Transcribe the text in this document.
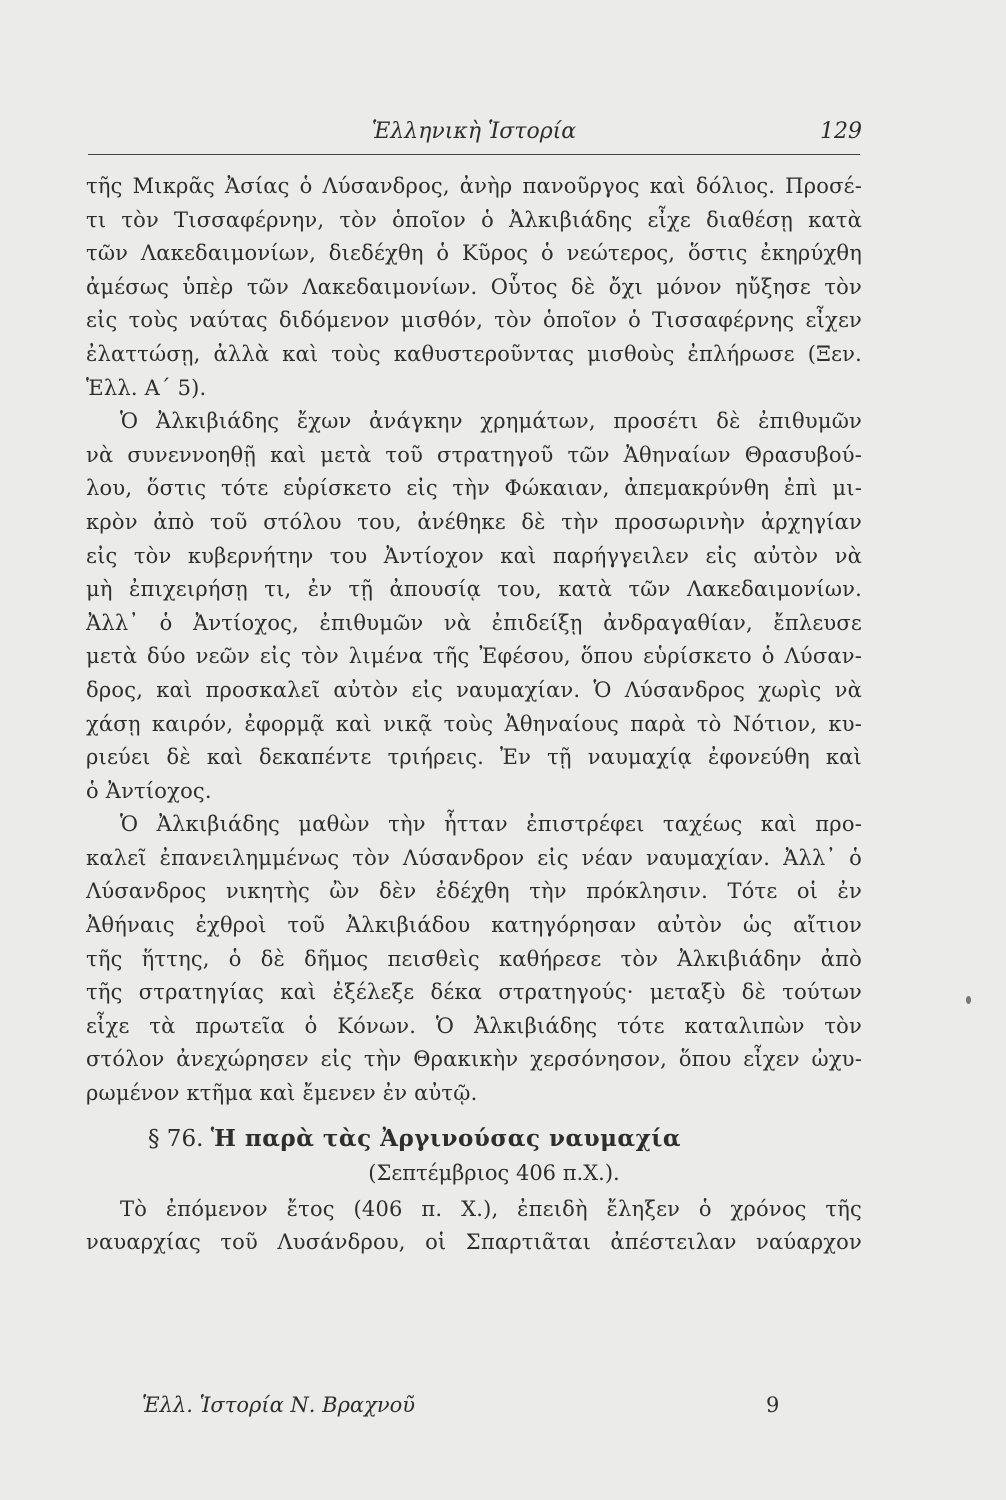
Ἑλληνικὴ Ἱστορία	129
τῆς Μικρᾶς Ἀσίας ὁ Λύσανδρος, ἀνὴρ πανοῦργος καὶ δόλιος. Προσέ-
τι τὸν Τισσαφέρνην, τὸν ὁποῖον ὁ Ἀλκιβιάδης εἶχε διαθέσῃ κατὰ
τῶν Λακεδαιμονίων, διεδέχθη ὁ Κῦρος ὁ νεώτερος, ὅστις ἐκηρύχθη
ἀμέσως ὑπὲρ τῶν Λακεδαιμονίων. Οὗτος δὲ ὄχι μόνον ηὔξησε τὸν
εἰς τοὺς ναύτας διδόμενον μισθόν, τὸν ὁποῖον ὁ Τισσαφέρνης εἶχεν
ἐλαττώσῃ, ἀλλὰ καὶ τοὺς καθυστεροῦντας μισθοὺς ἐπλήρωσε (Ξεν.
Ἑλλ. Α΄ 5).
Ὁ Ἀλκιβιάδης ἔχων ἀνάγκην χρημάτων, προσέτι δὲ ἐπιθυμῶν
νὰ συνεννοηθῇ καὶ μετὰ τοῦ στρατηγοῦ τῶν Ἀθηναίων Θρασυβού-
λου, ὅστις τότε εὑρίσκετο εἰς τὴν Φώκαιαν, ἀπεμακρύνθη ἐπὶ μι-
κρὸν ἀπὸ τοῦ στόλου του, ἀνέθηκε δὲ τὴν προσωρινὴν ἀρχηγίαν
εἰς τὸν κυβερνήτην του Ἀντίοχον καὶ παρήγγειλεν εἰς αὐτὸν νὰ
μὴ ἐπιχειρήσῃ τι, ἐν τῇ ἀπουσίᾳ του, κατὰ τῶν Λακεδαιμονίων.
Ἀλλ᾽ ὁ Ἀντίοχος, ἐπιθυμῶν νὰ ἐπιδείξῃ ἀνδραγαθίαν, ἔπλευσε
μετὰ δύο νεῶν εἰς τὸν λιμένα τῆς Ἐφέσου, ὅπου εὑρίσκετο ὁ Λύσαν-
δρος, καὶ προσκαλεῖ αὐτὸν εἰς ναυμαχίαν. Ὁ Λύσανδρος χωρὶς νὰ
χάσῃ καιρόν, ἐφορμᾷ καὶ νικᾷ τοὺς Ἀθηναίους παρὰ τὸ Νότιον, κυ-
ριεύει δὲ καὶ δεκαπέντε τριήρεις. Ἐν τῇ ναυμαχίᾳ ἐφονεύθη καὶ
ὁ Ἀντίοχος.
Ὁ Ἀλκιβιάδης μαθὼν τὴν ἧτταν ἐπιστρέφει ταχέως καὶ προ-
καλεῖ ἐπανειλημμένως τὸν Λύσανδρον εἰς νέαν ναυμαχίαν. Ἀλλ᾽ ὁ
Λύσανδρος νικητὴς ὢν δὲν ἐδέχθη τὴν πρόκλησιν. Τότε οἱ ἐν
Ἀθήναις ἐχθροὶ τοῦ Ἀλκιβιάδου κατηγόρησαν αὐτὸν ὡς αἴτιον
τῆς ἥττης, ὁ δὲ δῆμος πεισθεὶς καθήρεσε τὸν Ἀλκιβιάδην ἀπὸ
τῆς στρατηγίας καὶ ἐξέλεξε δέκα στρατηγούς· μεταξὺ δὲ τούτων
εἶχε τὰ πρωτεῖα ὁ Κόνων. Ὁ Ἀλκιβιάδης τότε καταλιπὼν τὸν
στόλον ἀνεχώρησεν εἰς τὴν Θρακικὴν χερσόνησον, ὅπου εἶχεν ὠχυ-
ρωμένον κτῆμα καὶ ἔμενεν ἐν αὐτῷ.
§ 76. Ἡ παρὰ τὰς Ἀργινούσας ναυμαχία
(Σεπτέμβριος 406 π.Χ.).
Τὸ ἐπόμενον ἔτος (406 π. Χ.), ἐπειδὴ ἔληξεν ὁ χρόνος τῆς
ναυαρχίας τοῦ Λυσάνδρου, οἱ Σπαρτιᾶται ἀπέστειλαν ναύαρχον
Ἑλλ. Ἱστορία Ν. Βραχνοῦ	9
